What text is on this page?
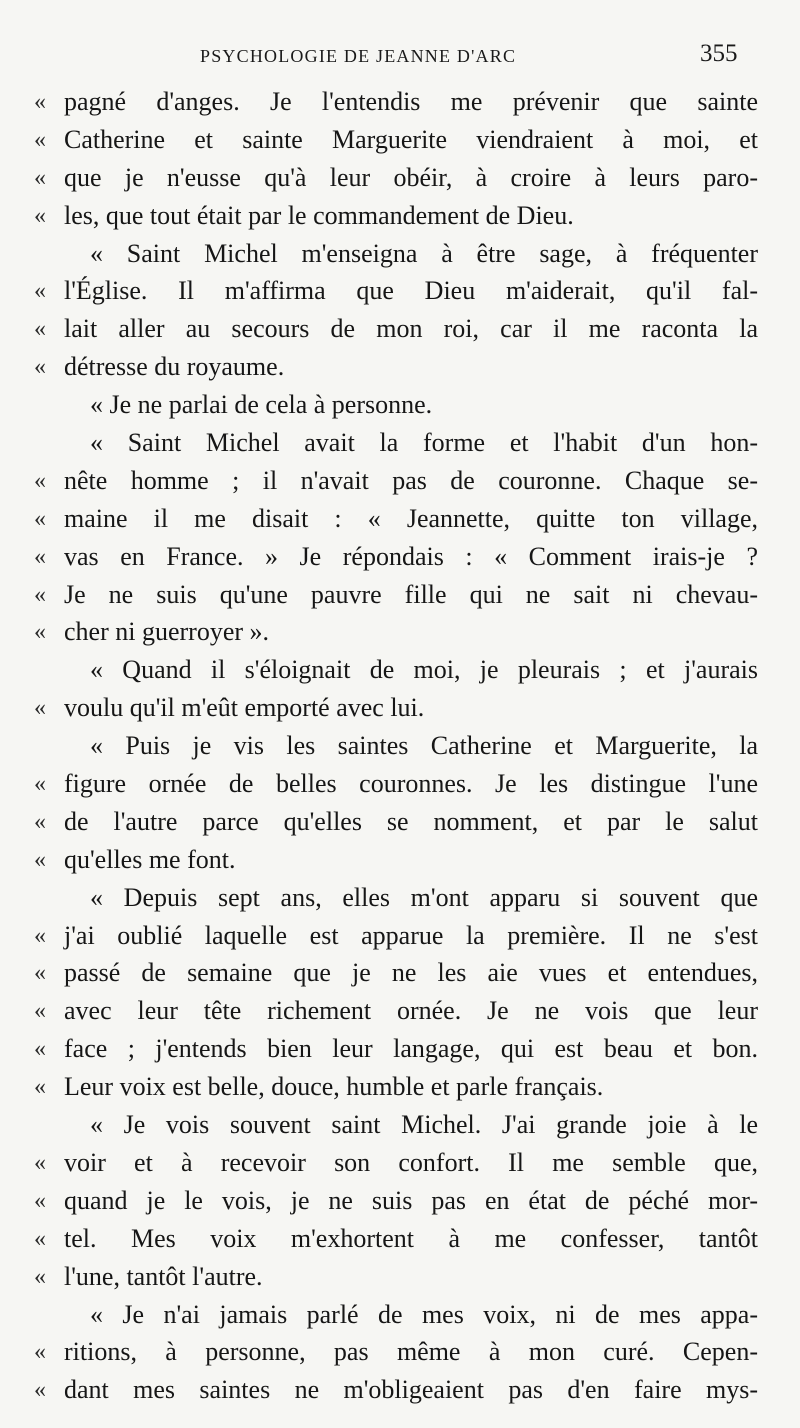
PSYCHOLOGIE DE JEANNE D'ARC	355
« pagné d'anges. Je l'entendis me prévenir que sainte
« Catherine et sainte Marguerite viendraient à moi, et
« que je n'eusse qu'à leur obéir, à croire à leurs paro-
« les, que tout était par le commandement de Dieu.
« Saint Michel m'enseigna à être sage, à fréquenter
« l'Église. Il m'affirma que Dieu m'aiderait, qu'il fal-
« lait aller au secours de mon roi, car il me raconta la
« détresse du royaume.
« Je ne parlai de cela à personne.
« Saint Michel avait la forme et l'habit d'un hon-
« nête homme ; il n'avait pas de couronne. Chaque se-
« maine il me disait : « Jeannette, quitte ton village,
« vas en France. » Je répondais : « Comment irais-je ?
« Je ne suis qu'une pauvre fille qui ne sait ni chevau-
« cher ni guerroyer ».
« Quand il s'éloignait de moi, je pleurais ; et j'aurais
« voulu qu'il m'eût emporté avec lui.
« Puis je vis les saintes Catherine et Marguerite, la
« figure ornée de belles couronnes. Je les distingue l'une
« de l'autre parce qu'elles se nomment, et par le salut
« qu'elles me font.
« Depuis sept ans, elles m'ont apparu si souvent que
« j'ai oublié laquelle est apparue la première. Il ne s'est
« passé de semaine que je ne les aie vues et entendues,
« avec leur tête richement ornée. Je ne vois que leur
« face ; j'entends bien leur langage, qui est beau et bon.
« Leur voix est belle, douce, humble et parle français.
« Je vois souvent saint Michel. J'ai grande joie à le
« voir et à recevoir son confort. Il me semble que,
« quand je le vois, je ne suis pas en état de péché mor-
« tel. Mes voix m'exhortent à me confesser, tantôt
« l'une, tantôt l'autre.
« Je n'ai jamais parlé de mes voix, ni de mes appa-
« ritions, à personne, pas même à mon curé. Cepen-
« dant mes saintes ne m'obligeaient pas d'en faire mys-
